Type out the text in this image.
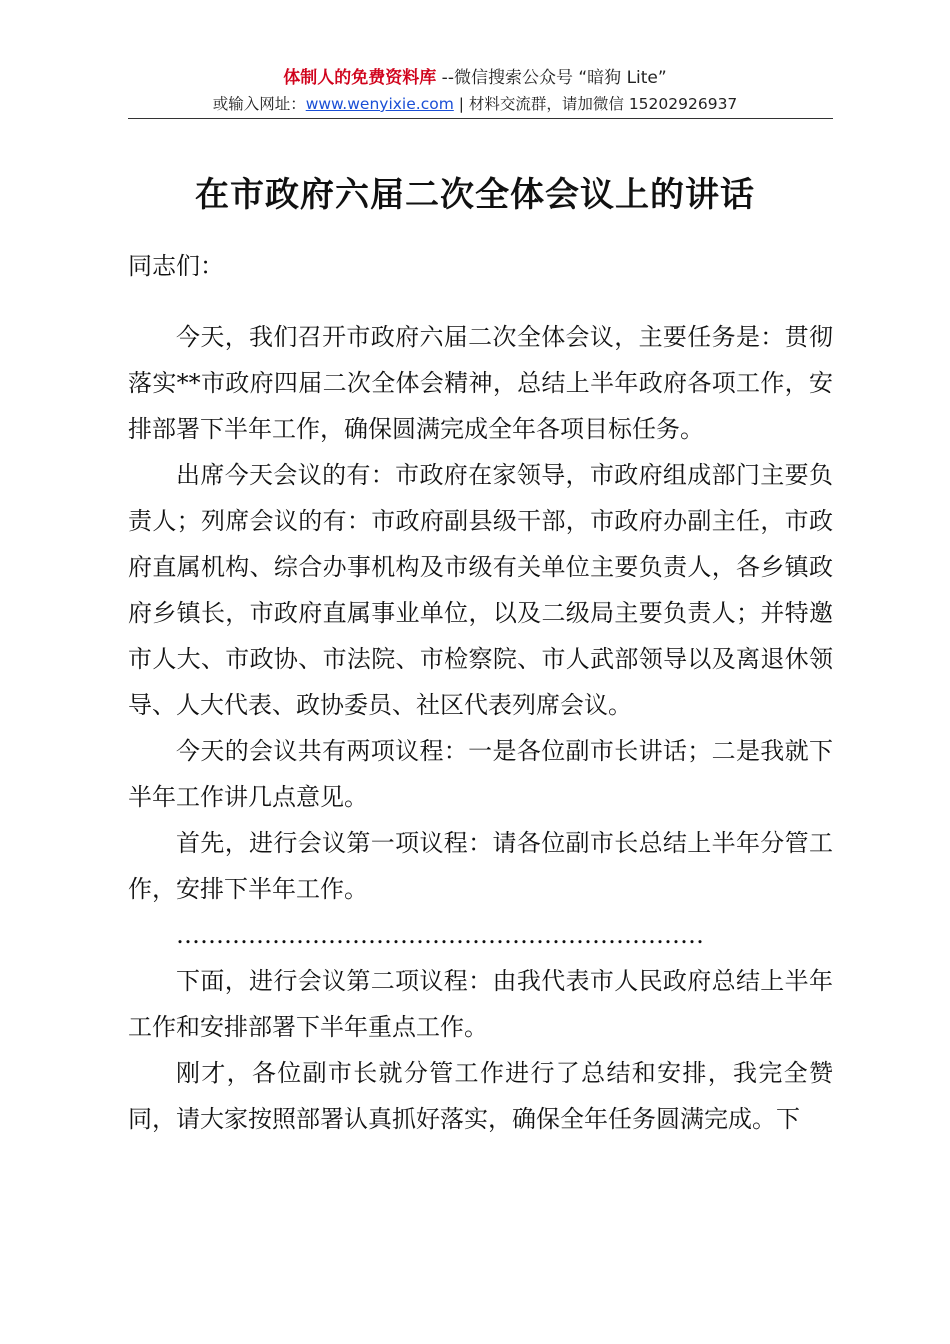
体制人的免费资料库 --微信搜索公众号 “暗狗 Lite”
或输入网址：www.wenyixie.com | 材料交流群，请加微信 15202926937
在市政府六届二次全体会议上的讲话

同志们：

今天，我们召开市政府六届二次全体会议，主要任务是：贯彻落实**市政府四届二次全体会精神，总结上半年政府各项工作，安排部署下半年工作，确保圆满完成全年各项目标任务。

出席今天会议的有：市政府在家领导，市政府组成部门主要负责人；列席会议的有：市政府副县级干部，市政府办副主任，市政府直属机构、综合办事机构及市级有关单位主要负责人，各乡镇政府乡镇长，市政府直属事业单位，以及二级局主要负责人；并特邀市人大、市政协、市法院、市检察院、市人武部领导以及离退休领导、人大代表、政协委员、社区代表列席会议。

今天的会议共有两项议程：一是各位副市长讲话；二是我就下半年工作讲几点意见。

首先，进行会议第一项议程：请各位副市长总结上半年分管工作，安排下半年工作。

…………………………………………………………

下面，进行会议第二项议程：由我代表市人民政府总结上半年工作和安排部署下半年重点工作。

刚才，各位副市长就分管工作进行了总结和安排，我完全赞同，请大家按照部署认真抓好落实，确保全年任务圆满完成。下
